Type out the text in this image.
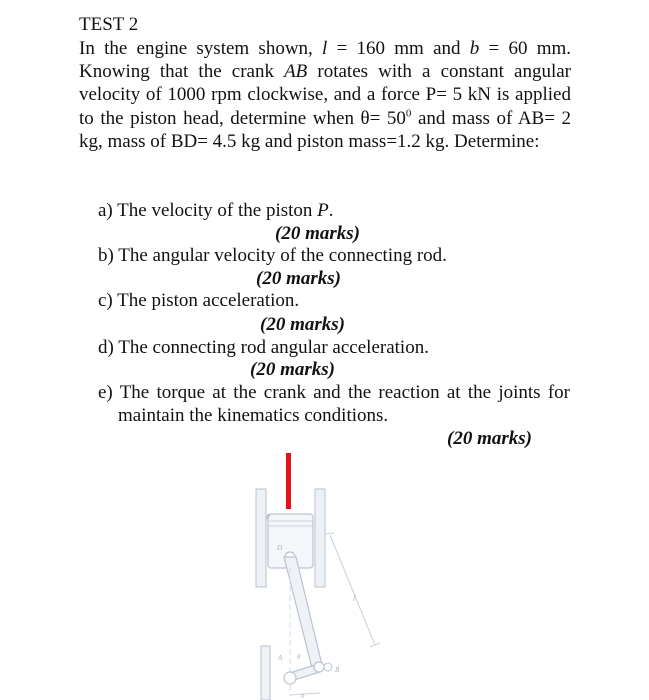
TEST 2

In the engine system shown, l = 160 mm and b = 60 mm. Knowing that the crank AB rotates with a constant angular velocity of 1000 rpm clockwise, and a force P= 5 kN is applied to the piston head, determine when $\theta= 50^0$ and mass of AB= 2 kg, mass of BD= 4.5 kg and piston mass=1.2 kg. Determine:

a) The velocity of the piston P.
(20 marks)
b) The angular velocity of the connecting rod.
(20 marks)
c) The piston acceleration.
(20 marks)
d) The connecting rod angular acceleration.
(20 marks)
e) The torque at the crank and the reaction at the joints for
maintain the kinematics conditions.
(20 marks)
P
D
l
A θ
B
b
